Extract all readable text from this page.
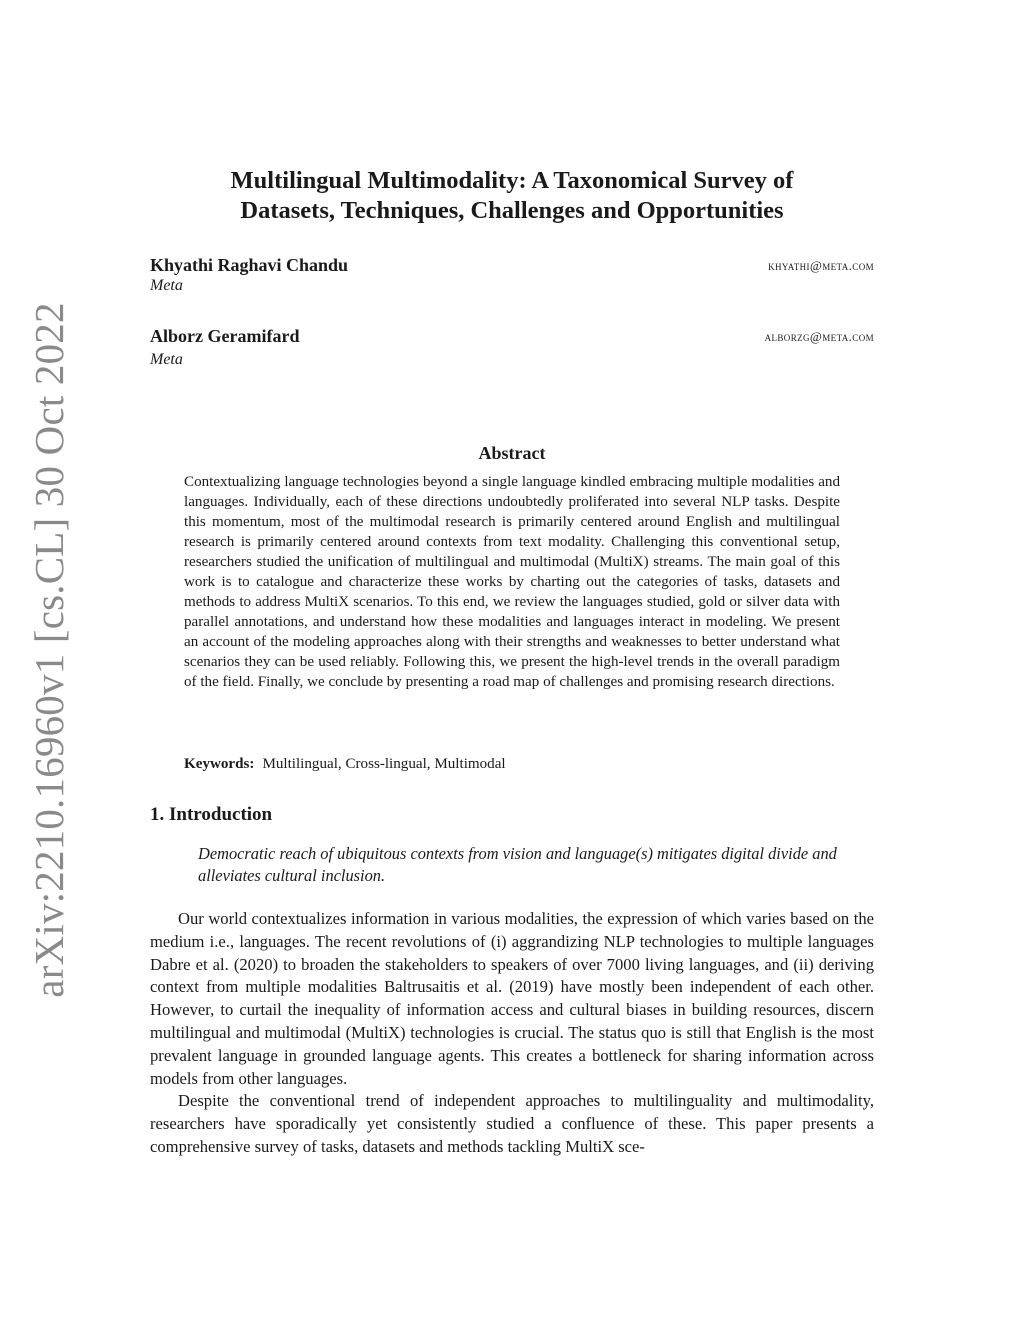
arXiv:2210.16960v1 [cs.CL] 30 Oct 2022
Multilingual Multimodality: A Taxonomical Survey of
Datasets, Techniques, Challenges and Opportunities
Khyathi Raghavi Chandu	khyathi@meta.com
Meta
Alborz Geramifard	alborzg@meta.com
Meta
Abstract
Contextualizing language technologies beyond a single language kindled embracing multiple modalities and languages. Individually, each of these directions undoubtedly proliferated into several NLP tasks. Despite this momentum, most of the multimodal research is primarily centered around English and multilingual research is primarily centered around contexts from text modality. Challenging this conventional setup, researchers studied the unification of multilingual and multimodal (MultiX) streams. The main goal of this work is to catalogue and characterize these works by charting out the categories of tasks, datasets and methods to address MultiX scenarios. To this end, we review the languages studied, gold or silver data with parallel annotations, and understand how these modalities and languages interact in modeling. We present an account of the modeling approaches along with their strengths and weaknesses to better understand what scenarios they can be used reliably. Following this, we present the high-level trends in the overall paradigm of the field. Finally, we conclude by presenting a road map of challenges and promising research directions.
Keywords: Multilingual, Cross-lingual, Multimodal
1. Introduction
Democratic reach of ubiquitous contexts from vision and language(s) mitigates digital divide and alleviates cultural inclusion.

Our world contextualizes information in various modalities, the expression of which varies based on the medium i.e., languages. The recent revolutions of (i) aggrandizing NLP technologies to multiple languages Dabre et al. (2020) to broaden the stakeholders to speakers of over 7000 living languages, and (ii) deriving context from multiple modalities Baltrusaitis et al. (2019) have mostly been independent of each other. However, to curtail the inequality of information access and cultural biases in building resources, discern multilingual and multimodal (MultiX) technologies is crucial. The status quo is still that English is the most prevalent language in grounded language agents. This creates a bottleneck for sharing information across models from other languages.

Despite the conventional trend of independent approaches to multilinguality and multimodality, researchers have sporadically yet consistently studied a confluence of these. This paper presents a comprehensive survey of tasks, datasets and methods tackling MultiX sce-
